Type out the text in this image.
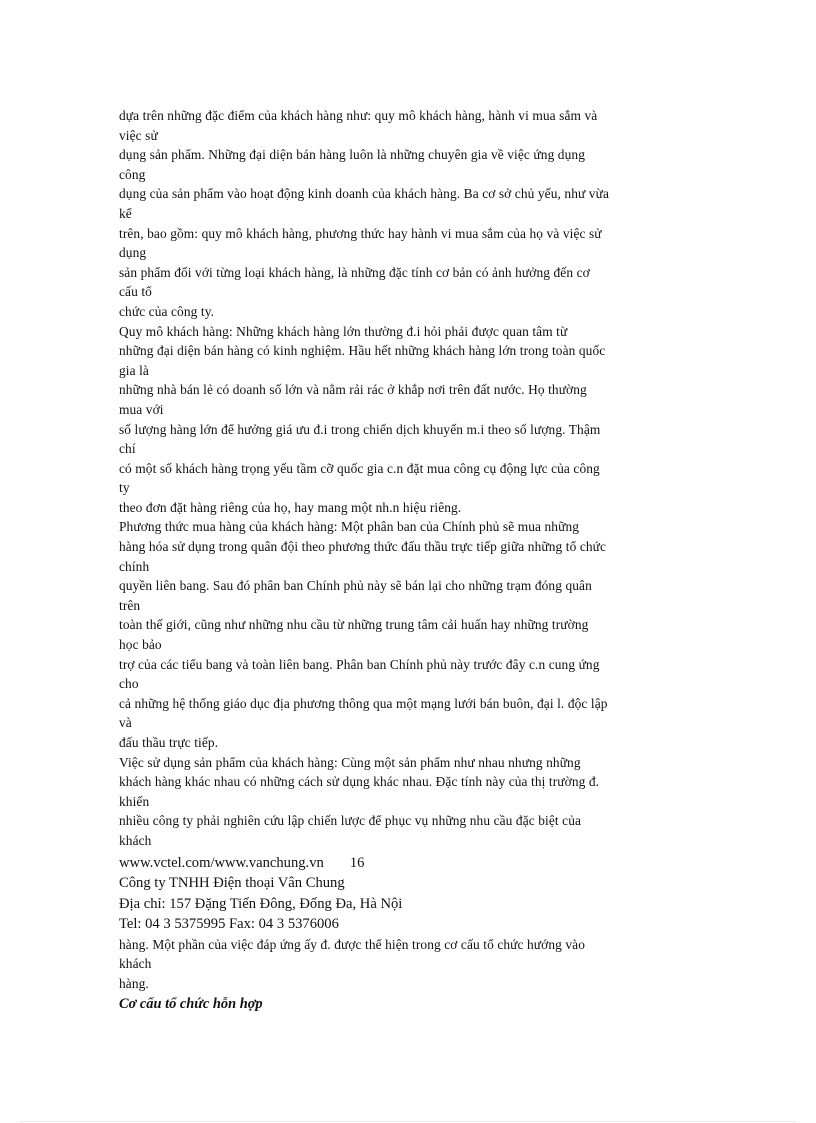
dựa trên những đặc điểm của khách hàng như: quy mô khách hàng, hành vi mua sắm và

việc sử

dụng sản phẩm. Những đại diện bán hàng luôn là những chuyên gia về việc ứng dụng

công

dụng của sản phẩm vào hoạt động kinh doanh của khách hàng. Ba cơ sở chủ yếu, như vừa

kể

trên, bao gồm: quy mô khách hàng, phương thức hay hành vi mua sắm của họ và việc sử

dụng

sản phẩm đối với từng loại khách hàng, là những đặc tính cơ bản có ảnh hưởng đến cơ

cấu tổ

chức của công ty.

Quy mô khách hàng: Những khách hàng lớn thường đ.i hỏi phải được quan tâm từ

những đại diện bán hàng có kinh nghiệm. Hầu hết những khách hàng lớn trong toàn quốc

gia là

những nhà bán lẻ có doanh số lớn và nằm rải rác ở khắp nơi trên đất nước. Họ thường

mua với

số lượng hàng lớn để hưởng giá ưu đ.i trong chiến dịch khuyến m.i theo số lượng. Thậm

chí

có một số khách hàng trọng yếu tầm cỡ quốc gia c.n đặt mua công cụ động lực của công

ty

theo đơn đặt hàng riêng của họ, hay mang một nh.n hiệu riêng.

Phương thức mua hàng của khách hàng: Một phân ban của Chính phủ sẽ mua những

hàng hóa sử dụng trong quân đội theo phương thức đấu thầu trực tiếp giữa những tổ chức

chính

quyền liên bang. Sau đó phân ban Chính phủ này sẽ bán lại cho những trạm đóng quân

trên

toàn thế giới, cũng như những nhu cầu từ những trung tâm cải huấn hay những trường

học bảo

trợ của các tiểu bang và toàn liên bang. Phân ban Chính phủ này trước đây c.n cung ứng

cho

cả những hệ thống giáo dục địa phương thông qua một mạng lưới bán buôn, đại l. độc lập

và

đấu thầu trực tiếp.

Việc sử dụng sản phẩm của khách hàng: Cùng một sản phẩm như nhau nhưng những

khách hàng khác nhau có những cách sử dụng khác nhau. Đặc tính này của thị trường đ.

khiến

nhiều công ty phải nghiên cứu lập chiến lược để phục vụ những nhu cầu đặc biệt của

khách

www.vctel.com/www.vanchung.vn 16

Công ty TNHH Điện thoại Vân Chung

Địa chỉ: 157 Đặng Tiến Đông, Đống Đa, Hà Nội

Tel: 04 3 5375995 Fax: 04 3 5376006

hàng. Một phần của việc đáp ứng ấy đ. được thể hiện trong cơ cấu tổ chức hướng vào

khách

hàng.

Cơ cấu tổ chức hỗn hợp
